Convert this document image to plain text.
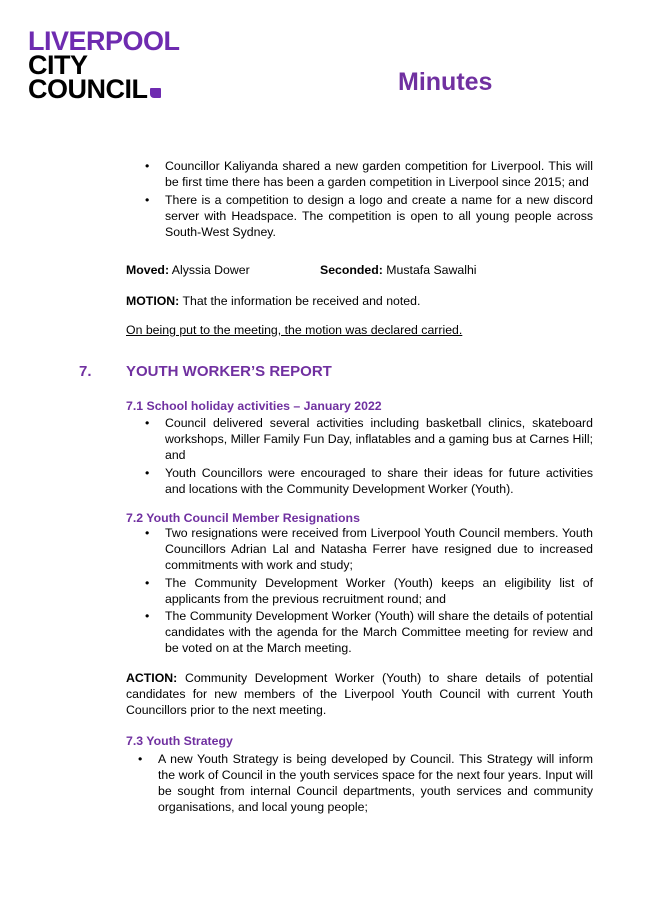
LIVERPOOL
CITY
COUNCIL	Minutes
• Councillor Kaliyanda shared a new garden competition for Liverpool. This will be first time there has been a garden competition in Liverpool since 2015; and
• There is a competition to design a logo and create a name for a new discord server with Headspace. The competition is open to all young people across South-West Sydney.
Moved: Alyssia Dower	Seconded: Mustafa Sawalhi
MOTION: That the information be received and noted.
On being put to the meeting, the motion was declared carried.
7. YOUTH WORKER’S REPORT
7.1 School holiday activities – January 2022
• Council delivered several activities including basketball clinics, skateboard workshops, Miller Family Fun Day, inflatables and a gaming bus at Carnes Hill; and
• Youth Councillors were encouraged to share their ideas for future activities and locations with the Community Development Worker (Youth).
7.2 Youth Council Member Resignations
• Two resignations were received from Liverpool Youth Council members. Youth Councillors Adrian Lal and Natasha Ferrer have resigned due to increased commitments with work and study;
• The Community Development Worker (Youth) keeps an eligibility list of applicants from the previous recruitment round; and
• The Community Development Worker (Youth) will share the details of potential candidates with the agenda for the March Committee meeting for review and be voted on at the March meeting.
ACTION: Community Development Worker (Youth) to share details of potential candidates for new members of the Liverpool Youth Council with current Youth Councillors prior to the next meeting.
7.3 Youth Strategy
• A new Youth Strategy is being developed by Council. This Strategy will inform the work of Council in the youth services space for the next four years. Input will be sought from internal Council departments, youth services and community organisations, and local young people;
